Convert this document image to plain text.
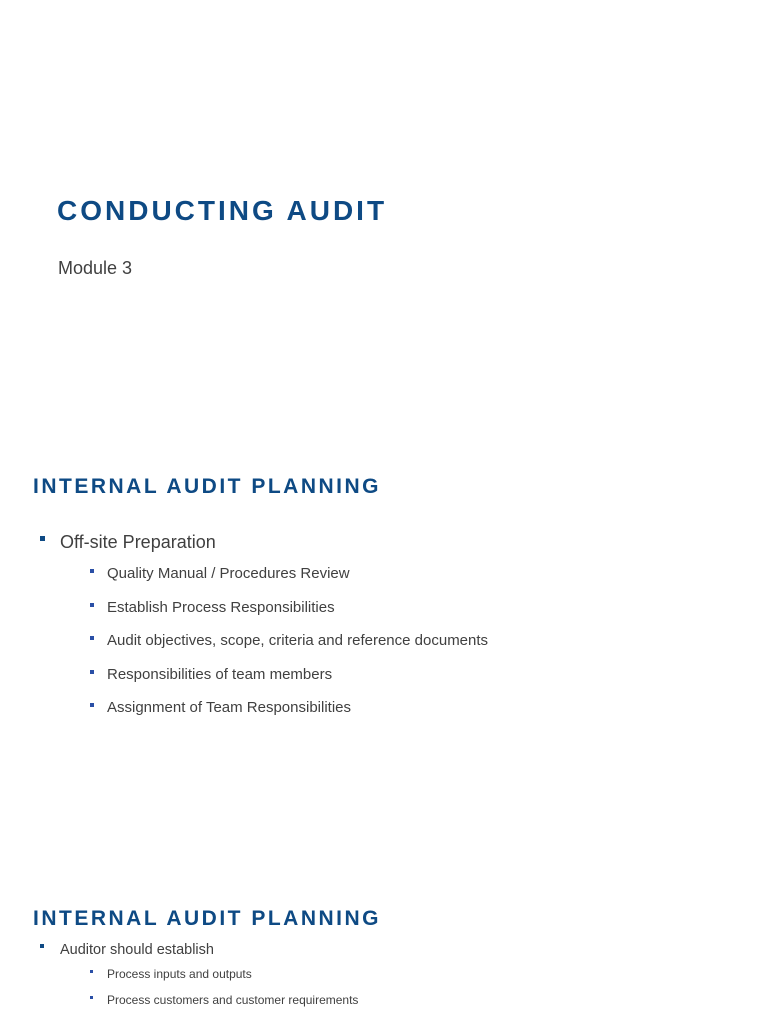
CONDUCTING AUDIT

Module 3

INTERNAL AUDIT PLANNING
Off-site Preparation
Quality Manual / Procedures Review
Establish Process Responsibilities
Audit objectives, scope, criteria and reference documents
Responsibilities of team members
Assignment of Team Responsibilities
INTERNAL AUDIT PLANNING
Auditor should establish
Process inputs and outputs
Process customers and customer requirements
